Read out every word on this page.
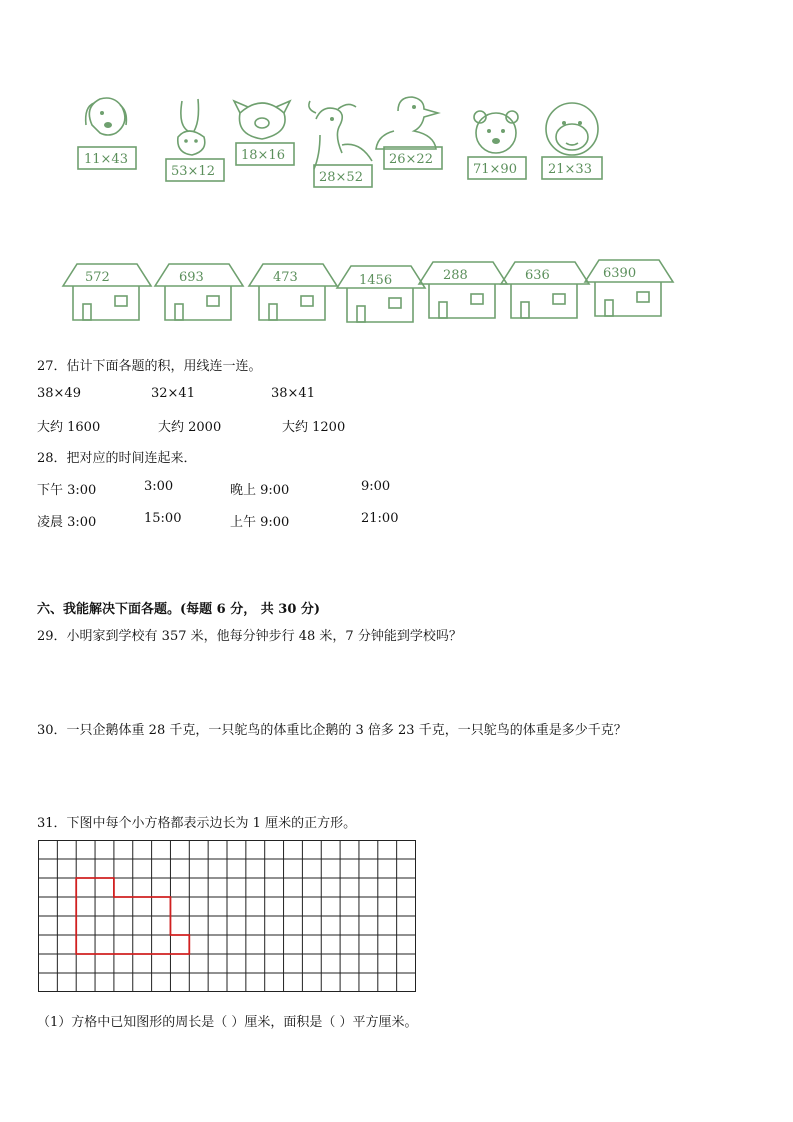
11×43
53×12
18×16
28×52
26×22
71×90 21×33
572	693	473	1456	288	636	6390
27．估计下面各题的积，用线连一连。
38×49	32×41	38×41
大约 1600	大约 2000	大约 1200
28．把对应的时间连起来．
下午 3:00	3:00	晚上 9:00	9:00
凌晨 3:00	15:00	上午 9:00	21:00
六、我能解决下面各题。(每题 6 分， 共 30 分)
29．小明家到学校有 357 米，他每分钟步行 48 米，7 分钟能到学校吗？
30．一只企鹅体重 28 千克，一只鸵鸟的体重比企鹅的 3 倍多 23 千克，一只鸵鸟的体重是多少千克？
31．下图中每个小方格都表示边长为 1 厘米的正方形。
（1）方格中已知图形的周长是（ ）厘米，面积是（ ）平方厘米。
